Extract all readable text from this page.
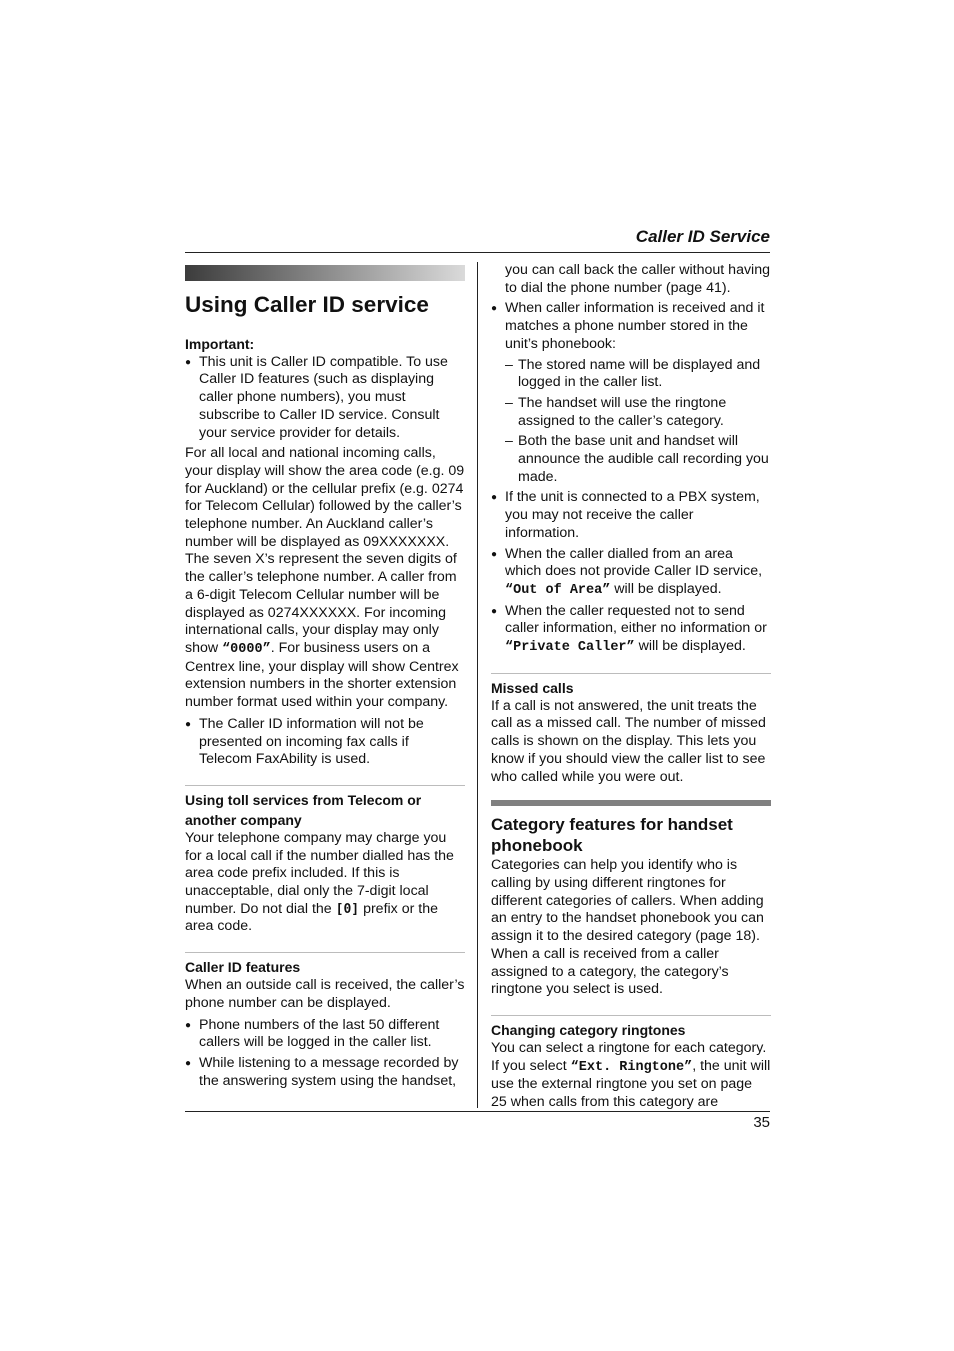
Caller ID Service
Using Caller ID service
Important:
● This unit is Caller ID compatible. To use Caller ID features (such as displaying caller phone numbers), you must subscribe to Caller ID service. Consult your service provider for details.

For all local and national incoming calls, your display will show the area code (e.g. 09 for Auckland) or the cellular prefix (e.g. 0274 for Telecom Cellular) followed by the caller’s telephone number. An Auckland caller’s number will be displayed as 09XXXXXXX. The seven X’s represent the seven digits of the caller’s telephone number. A caller from a 6-digit Telecom Cellular number will be displayed as 0274XXXXXX. For incoming international calls, your display may only show “0000”. For business users on a Centrex line, your display will show Centrex extension numbers in the shorter extension number format used within your company.

● The Caller ID information will not be presented on incoming fax calls if Telecom FaxAbility is used.
Using toll services from Telecom or another company

Your telephone company may charge you for a local call if the number dialled has the area code prefix included. If this is unacceptable, dial only the 7-digit local number. Do not dial the [0] prefix or the area code.

Caller ID features

When an outside call is received, the caller’s phone number can be displayed.

● Phone numbers of the last 50 different callers will be logged in the caller list.
● While listening to a message recorded by the answering system using the handset,
you can call back the caller without having to dial the phone number (page 41).
● When caller information is received and it matches a phone number stored in the unit’s phonebook:
– The stored name will be displayed and logged in the caller list.
– The handset will use the ringtone assigned to the caller’s category.
– Both the base unit and handset will announce the audible call recording you made.
● If the unit is connected to a PBX system, you may not receive the caller information.
● When the caller dialled from an area which does not provide Caller ID service, “Out of Area” will be displayed.
● When the caller requested not to send caller information, either no information or “Private Caller” will be displayed.
Missed calls

If a call is not answered, the unit treats the call as a missed call. The number of missed calls is shown on the display. This lets you know if you should view the caller list to see who called while you were out.

Category features for handset phonebook

Categories can help you identify who is calling by using different ringtones for different categories of callers. When adding an entry to the handset phonebook you can assign it to the desired category (page 18). When a call is received from a caller assigned to a category, the category’s ringtone you select is used.

Changing category ringtones

You can select a ringtone for each category. If you select “Ext. Ringtone”, the unit will use the external ringtone you set on page 25 when calls from this category are

35
